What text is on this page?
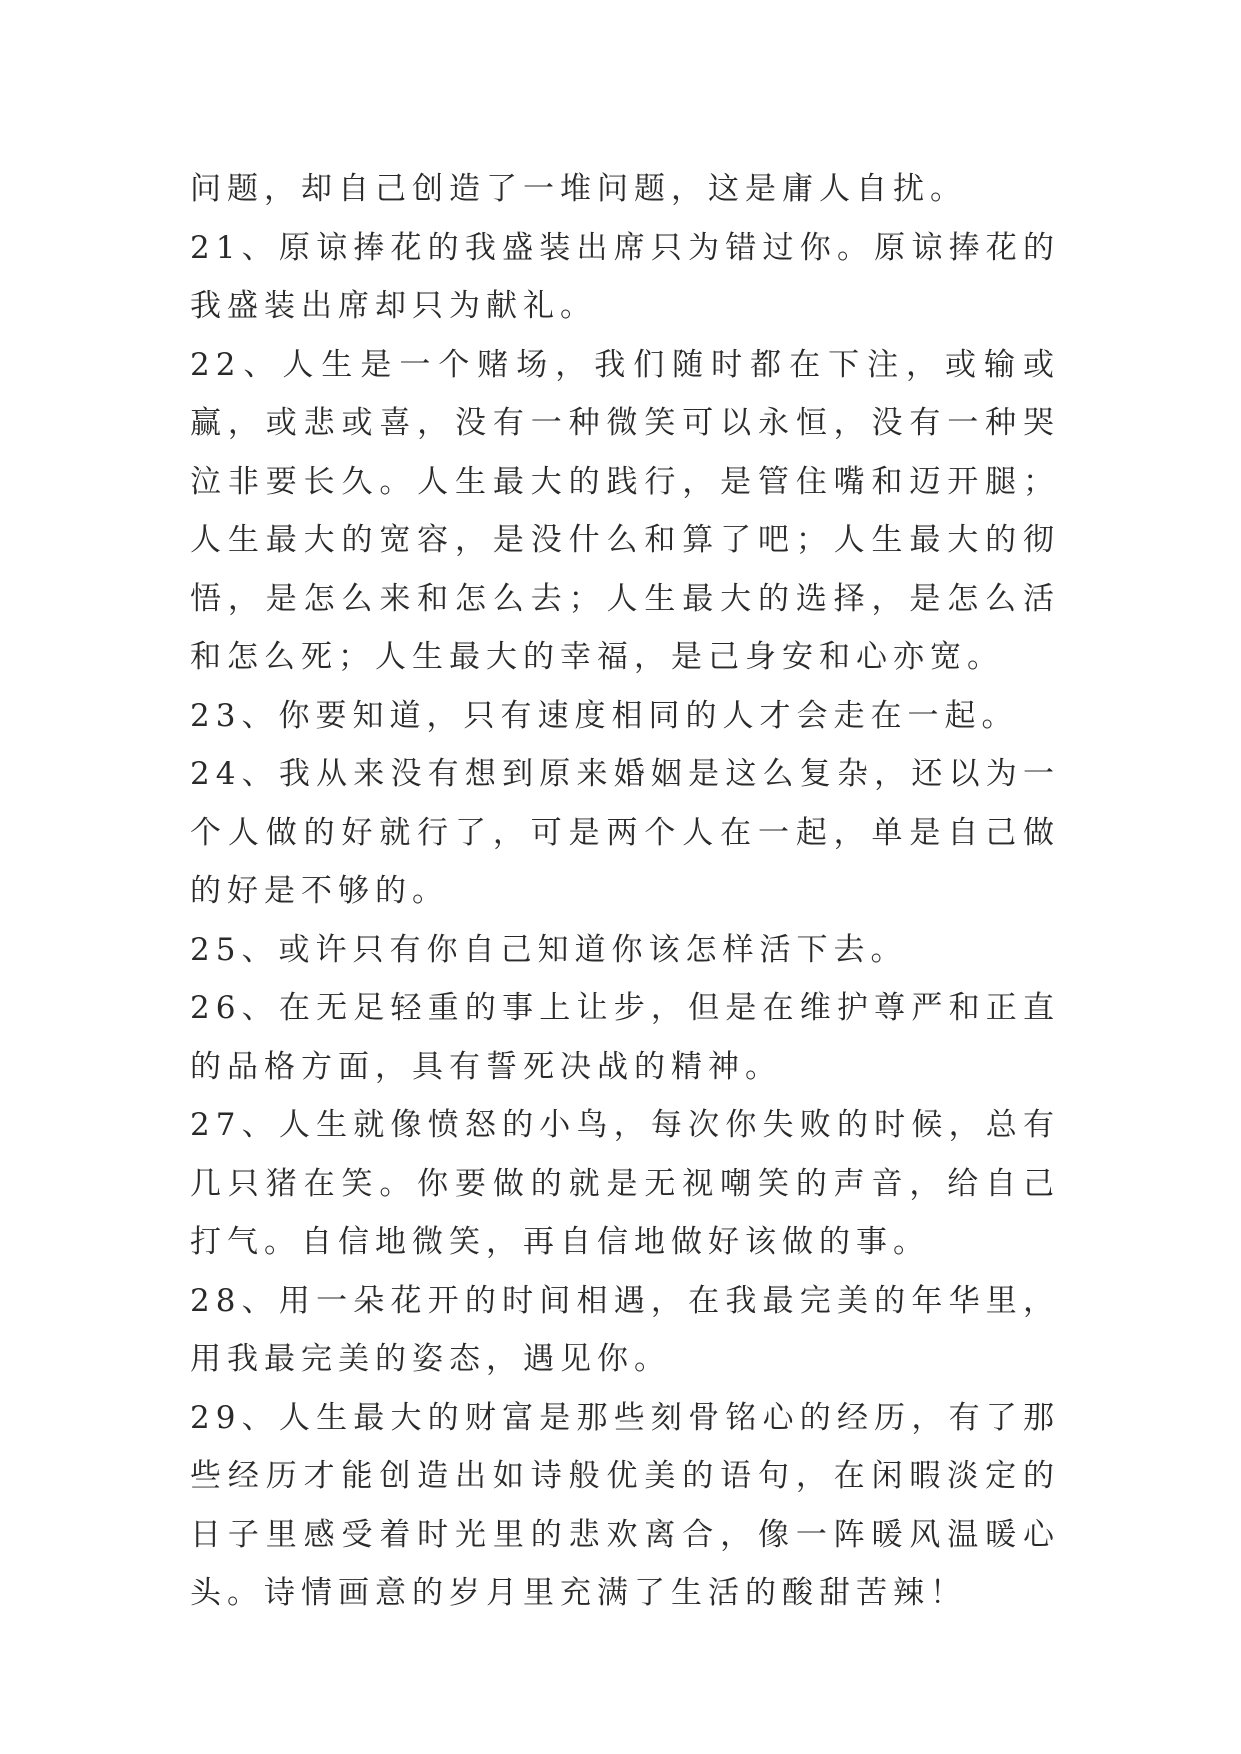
问题，却自己创造了一堆问题，这是庸人自扰。

21、原谅捧花的我盛装出席只为错过你。原谅捧花的我盛装出席却只为献礼。

22、人生是一个赌场，我们随时都在下注，或输或赢，或悲或喜，没有一种微笑可以永恒，没有一种哭泣非要长久。人生最大的践行，是管住嘴和迈开腿；人生最大的宽容，是没什么和算了吧；人生最大的彻悟，是怎么来和怎么去；人生最大的选择，是怎么活和怎么死；人生最大的幸福，是己身安和心亦宽。

23、你要知道，只有速度相同的人才会走在一起。

24、我从来没有想到原来婚姻是这么复杂，还以为一个人做的好就行了，可是两个人在一起，单是自己做的好是不够的。

25、或许只有你自己知道你该怎样活下去。

26、在无足轻重的事上让步，但是在维护尊严和正直的品格方面，具有誓死决战的精神。

27、人生就像愤怒的小鸟，每次你失败的时候，总有几只猪在笑。你要做的就是无视嘲笑的声音，给自己打气。自信地微笑，再自信地做好该做的事。

28、用一朵花开的时间相遇，在我最完美的年华里，用我最完美的姿态，遇见你。

29、人生最大的财富是那些刻骨铭心的经历，有了那些经历才能创造出如诗般优美的语句，在闲暇淡定的日子里感受着时光里的悲欢离合，像一阵暖风温暖心头。诗情画意的岁月里充满了生活的酸甜苦辣！
